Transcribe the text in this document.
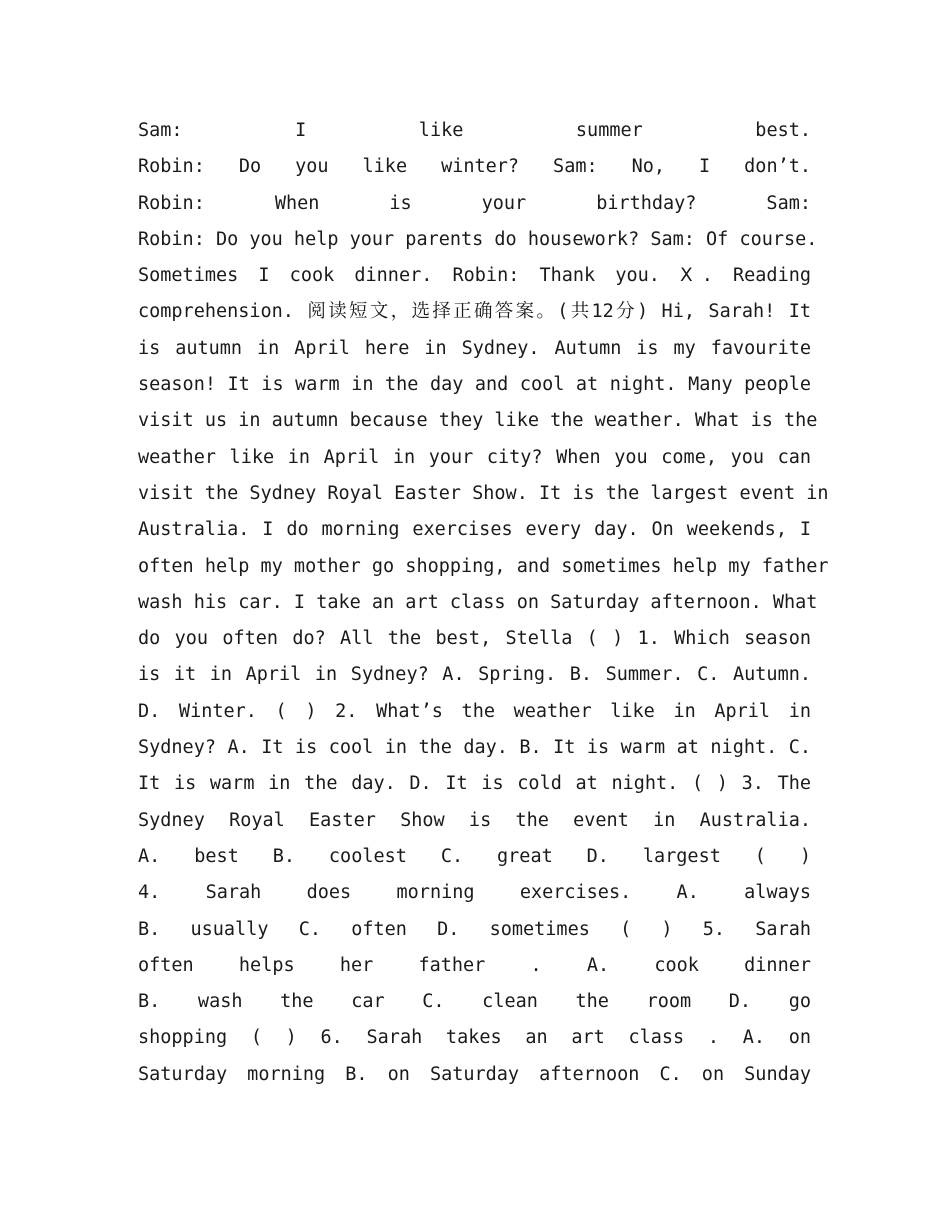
Sam: I like summer best.
Robin: Do you like winter? Sam: No, I don’t.
Robin: When is your birthday? Sam:
Robin: Do you help your parents do housework? Sam: Of course.
Sometimes I cook dinner. Robin: Thank you. Ⅹ. Reading
comprehension. 阅读短文，选择正确答案。(共12分) Hi, Sarah! It
is autumn in April here in Sydney. Autumn is my favourite
season! It is warm in the day and cool at night. Many people
visit us in autumn because they like the weather. What is the
weather like in April in your city? When you come, you can
visit the Sydney Royal Easter Show. It is the largest event in
Australia. I do morning exercises every day. On weekends, I
often help my mother go shopping, and sometimes help my father
wash his car. I take an art class on Saturday afternoon. What
do you often do? All the best, Stella ( ) 1. Which season
is it in April in Sydney? A. Spring. B. Summer. C. Autumn.
D. Winter. ( ) 2. What’s the weather like in April in
Sydney? A. It is cool in the day. B. It is warm at night. C.
It is warm in the day. D. It is cold at night. ( ) 3. The
Sydney Royal Easter Show is the event in Australia.
A. best B. coolest C. great D. largest ( )
4. Sarah does morning exercises. A. always
B. usually C. often D. sometimes ( ) 5. Sarah
often helps her father . A. cook dinner
B. wash the car C. clean the room D. go
shopping ( ) 6. Sarah takes an art class . A. on
Saturday morning B. on Saturday afternoon C. on Sunday
